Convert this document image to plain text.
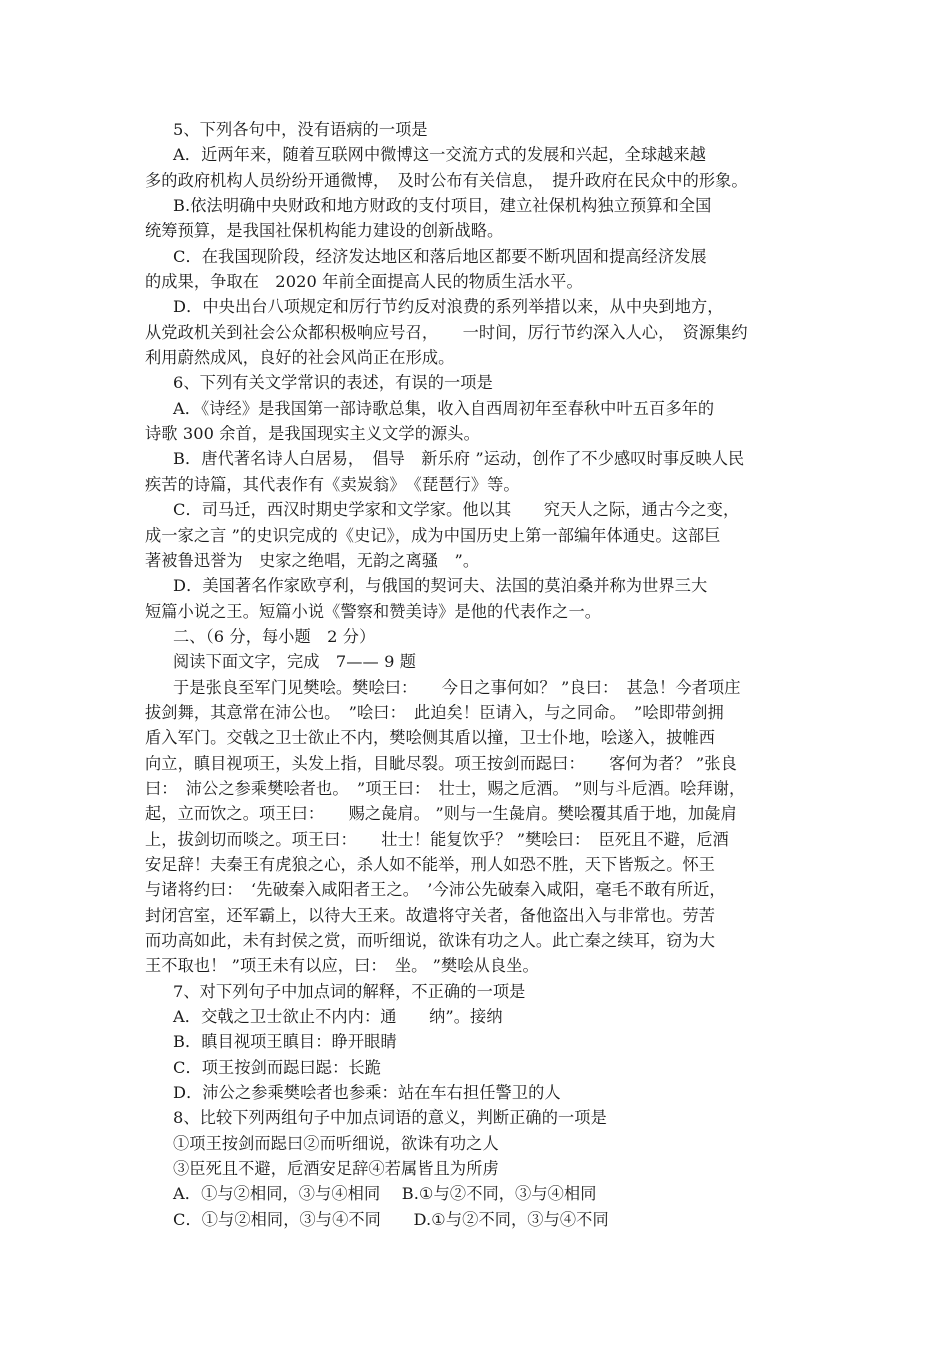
5、下列各句中，没有语病的一项是
A．近两年来，随着互联网中微博这一交流方式的发展和兴起，全球越来越
多的政府机构人员纷纷开通微博，　及时公布有关信息，　提升政府在民众中的形象。
B.依法明确中央财政和地方财政的支付项目，建立社保机构独立预算和全国
统筹预算，是我国社保机构能力建设的创新战略。
C．在我国现阶段，经济发达地区和落后地区都要不断巩固和提高经济发展
的成果，争取在　2020 年前全面提高人民的物质生活水平。
D．中央出台八项规定和厉行节约反对浪费的系列举措以来，从中央到地方，
从党政机关到社会公众都积极响应号召，　　一时间，厉行节约深入人心，　资源集约
利用蔚然成风，良好的社会风尚正在形成。
6、下列有关文学常识的表述，有误的一项是
A．《诗经》是我国第一部诗歌总集，收入自西周初年至春秋中叶五百多年的
诗歌 300 余首，是我国现实主义文学的源头。
B．唐代著名诗人白居易，　倡导　新乐府 ”运动，创作了不少感叹时事反映人民
疾苦的诗篇，其代表作有《卖炭翁》　《琵琶行》等。
C．司马迁，西汉时期史学家和文学家。他以其　　究天人之际，通古今之变，
成一家之言 ”的史识完成的《史记》，成为中国历史上第一部编年体通史。这部巨
著被鲁迅誉为　史家之绝唱，无韵之离骚　”。
D．美国著名作家欧亨利，与俄国的契诃夫、法国的莫泊桑并称为世界三大
短篇小说之王。短篇小说《警察和赞美诗》是他的代表作之一。
二、（6 分，每小题　2 分）
阅读下面文字，完成　7—— 9 题
于是张良至军门见樊哙。樊哙曰：　　今日之事何如？ ”良曰：　甚急！今者项庄
拔剑舞，其意常在沛公也。　”哙曰：　此迫矣！臣请入，与之同命。　”哙即带剑拥
盾入军门。交戟之卫士欲止不内，樊哙侧其盾以撞，卫士仆地，哙遂入，披帷西
向立，瞋目视项王，头发上指，目眦尽裂。项王按剑而跽曰：　　客何为者？ ”张良
曰：　沛公之参乘樊哙者也。　”项王曰：　壮士，赐之卮酒。 ”则与斗卮酒。哙拜谢，
起，立而饮之。项王曰：　　赐之彘肩。 ”则与一生彘肩。樊哙覆其盾于地，加彘肩
上，拔剑切而啖之。项王曰：　　壮士！能复饮乎？ ”樊哙曰：　臣死且不避，卮酒
安足辞！夫秦王有虎狼之心，杀人如不能举，刑人如恐不胜，天下皆叛之。怀王
与诸将约曰：　‘先破秦入咸阳者王之。　’今沛公先破秦入咸阳，毫毛不敢有所近，
封闭宫室，还军霸上，以待大王来。故遣将守关者，备他盗出入与非常也。劳苦
而功高如此，未有封侯之赏，而听细说，欲诛有功之人。此亡秦之续耳，窃为大
王不取也！ ”项王未有以应，曰：　坐。 ”樊哙从良坐。
7、对下列句子中加点词的解释，不正确的一项是
A．交戟之卫士欲止不内内：通　　纳”。接纳
B．瞋目视项王瞋目：睁开眼睛
C．项王按剑而跽曰跽：长跪
D．沛公之参乘樊哙者也参乘：站在车右担任警卫的人
8、比较下列两组句子中加点词语的意义，判断正确的一项是
①项王按剑而跽曰②而听细说，欲诛有功之人
③臣死且不避，卮酒安足辞④若属皆且为所虏
A．①与②相同，③与④相同　 B.①与②不同，③与④相同
C．①与②相同，③与④不同　　D.①与②不同，③与④不同
